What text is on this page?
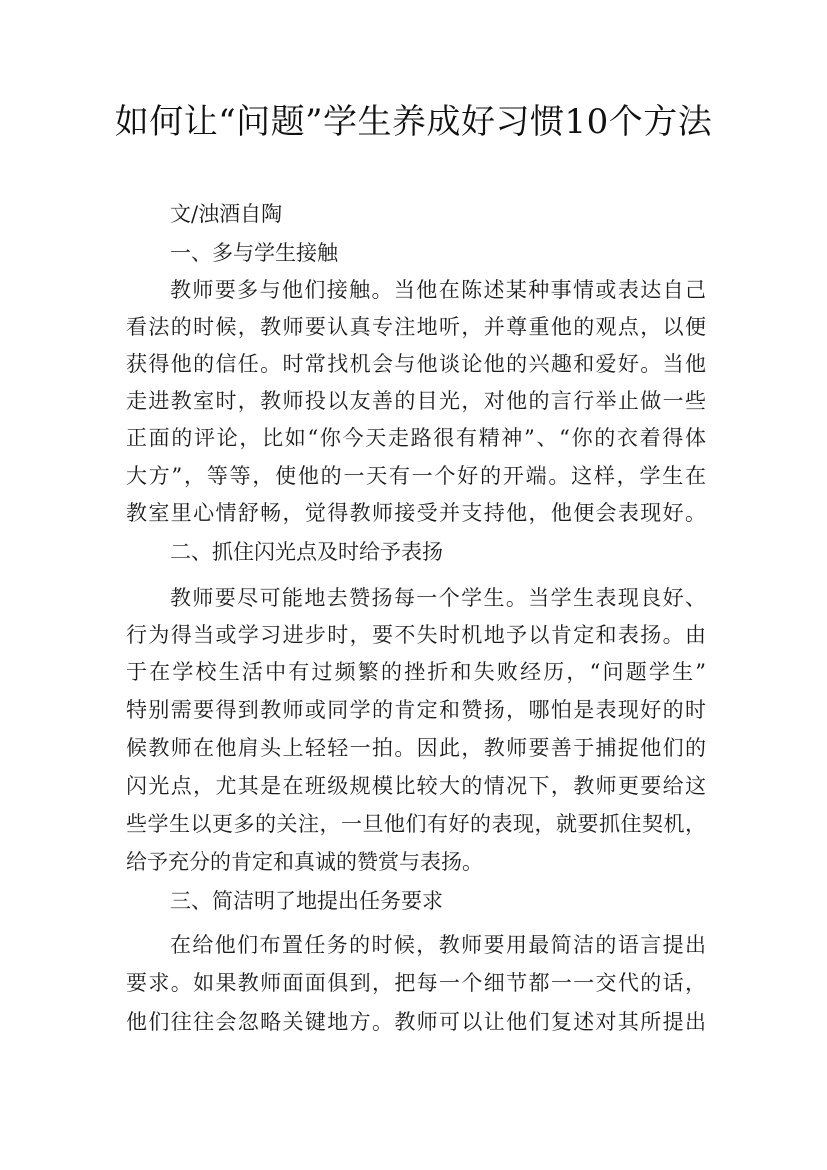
如何让“问题”学生养成好习惯10个方法
文/浊酒自陶
一、多与学生接触
教师要多与他们接触。当他在陈述某种事情或表达自己
看法的时候，教师要认真专注地听，并尊重他的观点，以便
获得他的信任。时常找机会与他谈论他的兴趣和爱好。当他
走进教室时，教师投以友善的目光，对他的言行举止做一些
正面的评论，比如“你今天走路很有精神”、“你的衣着得体
大方”，等等，使他的一天有一个好的开端。这样，学生在
教室里心情舒畅，觉得教师接受并支持他，他便会表现好。
二、抓住闪光点及时给予表扬
教师要尽可能地去赞扬每一个学生。当学生表现良好、
行为得当或学习进步时，要不失时机地予以肯定和表扬。由
于在学校生活中有过频繁的挫折和失败经历，“问题学生”
特别需要得到教师或同学的肯定和赞扬，哪怕是表现好的时
候教师在他肩头上轻轻一拍。因此，教师要善于捕捉他们的
闪光点，尤其是在班级规模比较大的情况下，教师更要给这
些学生以更多的关注，一旦他们有好的表现，就要抓住契机，
给予充分的肯定和真诚的赞赏与表扬。
三、简洁明了地提出任务要求
在给他们布置任务的时候，教师要用最简洁的语言提出
要求。如果教师面面俱到，把每一个细节都一一交代的话，
他们往往会忽略关键地方。教师可以让他们复述对其所提出
